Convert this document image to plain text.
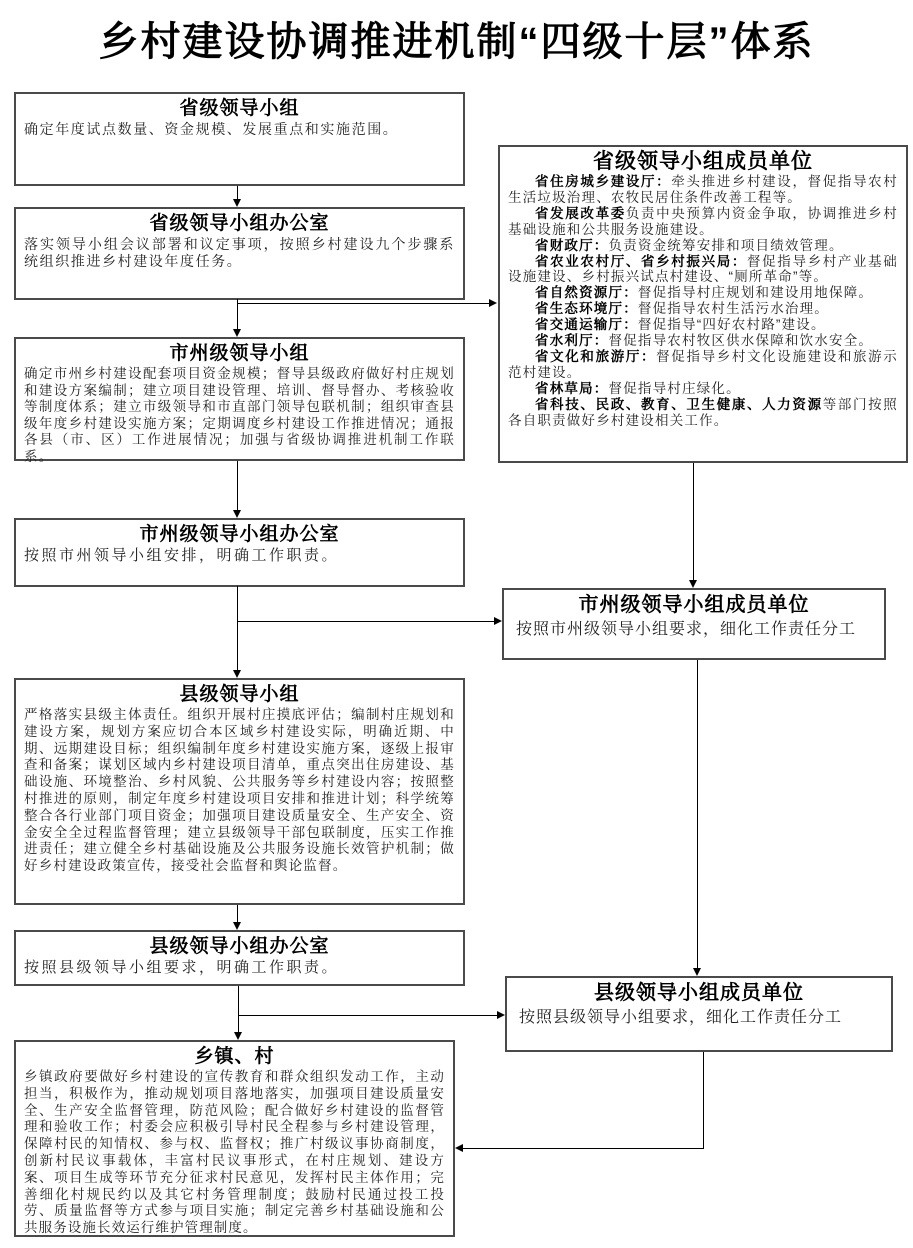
乡村建设协调推进机制“四级十层”体系
省级领导小组
确定年度试点数量、资金规模、发展重点和实施范围。
省级领导小组办公室
落实领导小组会议部署和议定事项，按照乡村建设九个步骤系统组织推进乡村建设年度任务。
市州级领导小组
确定市州乡村建设配套项目资金规模；督导县级政府做好村庄规划和建设方案编制；建立项目建设管理、培训、督导督办、考核验收等制度体系；建立市级领导和市直部门领导包联机制；组织审查县级年度乡村建设实施方案；定期调度乡村建设工作推进情况；通报各县（市、区）工作进展情况；加强与省级协调推进机制工作联系。
市州级领导小组办公室
按照市州领导小组安排，明确工作职责。
县级领导小组
严格落实县级主体责任。组织开展村庄摸底评估；编制村庄规划和建设方案，规划方案应切合本区域乡村建设实际，明确近期、中期、远期建设目标；组织编制年度乡村建设实施方案，逐级上报审查和备案；谋划区域内乡村建设项目清单，重点突出住房建设、基础设施、环境整治、乡村风貌、公共服务等乡村建设内容；按照整村推进的原则，制定年度乡村建设项目安排和推进计划；科学统筹整合各行业部门项目资金；加强项目建设质量安全、生产安全、资金安全全过程监督管理；建立县级领导干部包联制度，压实工作推进责任；建立健全乡村基础设施及公共服务设施长效管护机制；做好乡村建设政策宣传，接受社会监督和舆论监督。
县级领导小组办公室
按照县级领导小组要求，明确工作职责。
乡镇、村
乡镇政府要做好乡村建设的宣传教育和群众组织发动工作，主动担当，积极作为，推动规划项目落地落实，加强项目建设质量安全、生产安全监督管理，防范风险；配合做好乡村建设的监督管理和验收工作；村委会应积极引导村民全程参与乡村建设管理，保障村民的知情权、参与权、监督权；推广村级议事协商制度，创新村民议事载体，丰富村民议事形式，在村庄规划、建设方案、项目生成等环节充分征求村民意见，发挥村民主体作用；完善细化村规民约以及其它村务管理制度；鼓励村民通过投工投劳、质量监督等方式参与项目实施；制定完善乡村基础设施和公共服务设施长效运行维护管理制度。
省级领导小组成员单位

省住房城乡建设厅：牵头推进乡村建设，督促指导农村生活垃圾治理、农牧民居住条件改善工程等。

省发展改革委负责中央预算内资金争取，协调推进乡村基础设施和公共服务设施建设。

省财政厅：负责资金统筹安排和项目绩效管理。

省农业农村厅、省乡村振兴局：督促指导乡村产业基础设施建设、乡村振兴试点村建设、“厕所革命”等。

省自然资源厅：督促指导村庄规划和建设用地保障。

省生态环境厅：督促指导农村生活污水治理。

省交通运输厅：督促指导“四好农村路”建设。

省水利厅：督促指导农村牧区供水保障和饮水安全。

省文化和旅游厅：督促指导乡村文化设施建设和旅游示范村建设。

省林草局：督促指导村庄绿化。

省科技、民政、教育、卫生健康、人力资源等部门按照各自职责做好乡村建设相关工作。

市州级领导小组成员单位
按照市州级领导小组要求，细化工作责任分工
县级领导小组成员单位
按照县级领导小组要求，细化工作责任分工
